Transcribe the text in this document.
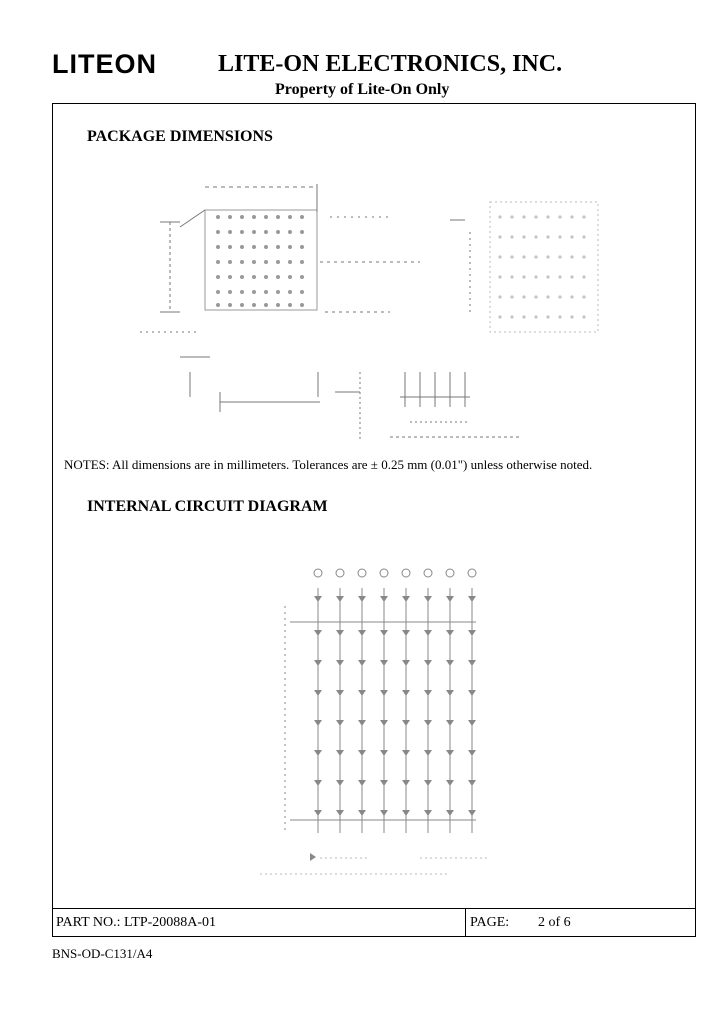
LITEON	LITE-ON ELECTRONICS, INC.
Property of Lite-On Only
PACKAGE DIMENSIONS
NOTES: All dimensions are in millimeters. Tolerances are ± 0.25 mm (0.01") unless otherwise noted.
INTERNAL CIRCUIT DIAGRAM
PART NO.: LTP-20088A-01	PAGE: 2 of 6
BNS-OD-C131/A4
